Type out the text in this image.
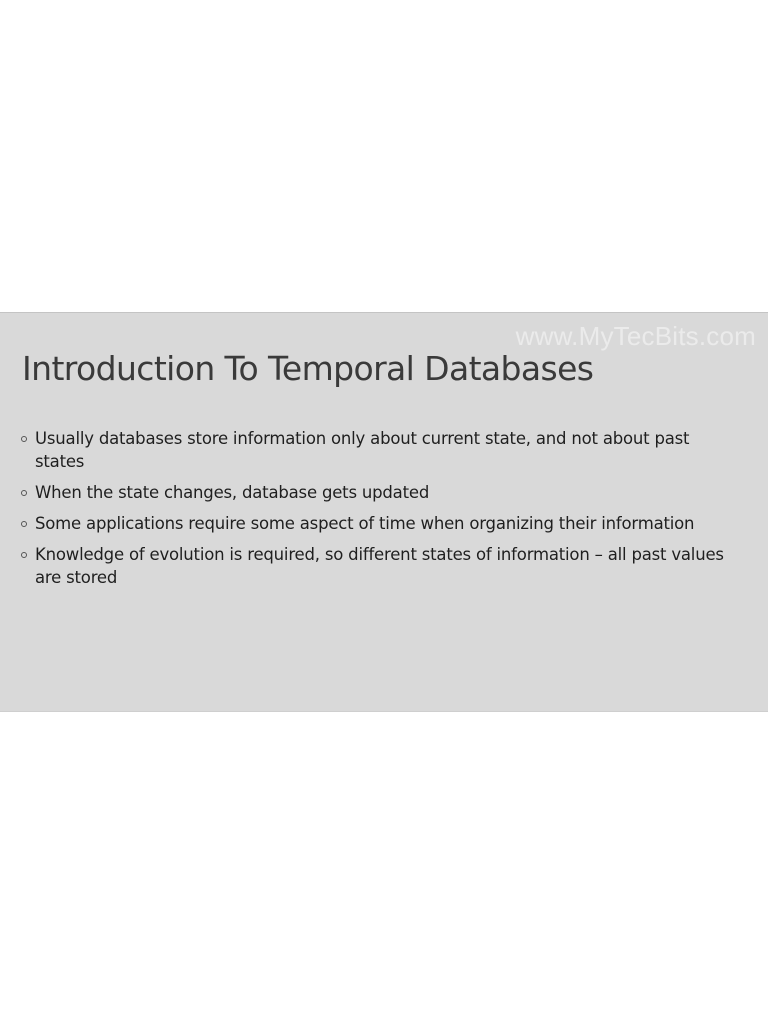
www.MyTecBits.com
Introduction To Temporal Databases
Usually databases store information only about current state, and not about past states
When the state changes, database gets updated
Some applications require some aspect of time when organizing their information
Knowledge of evolution is required, so different states of information – all past values are stored
